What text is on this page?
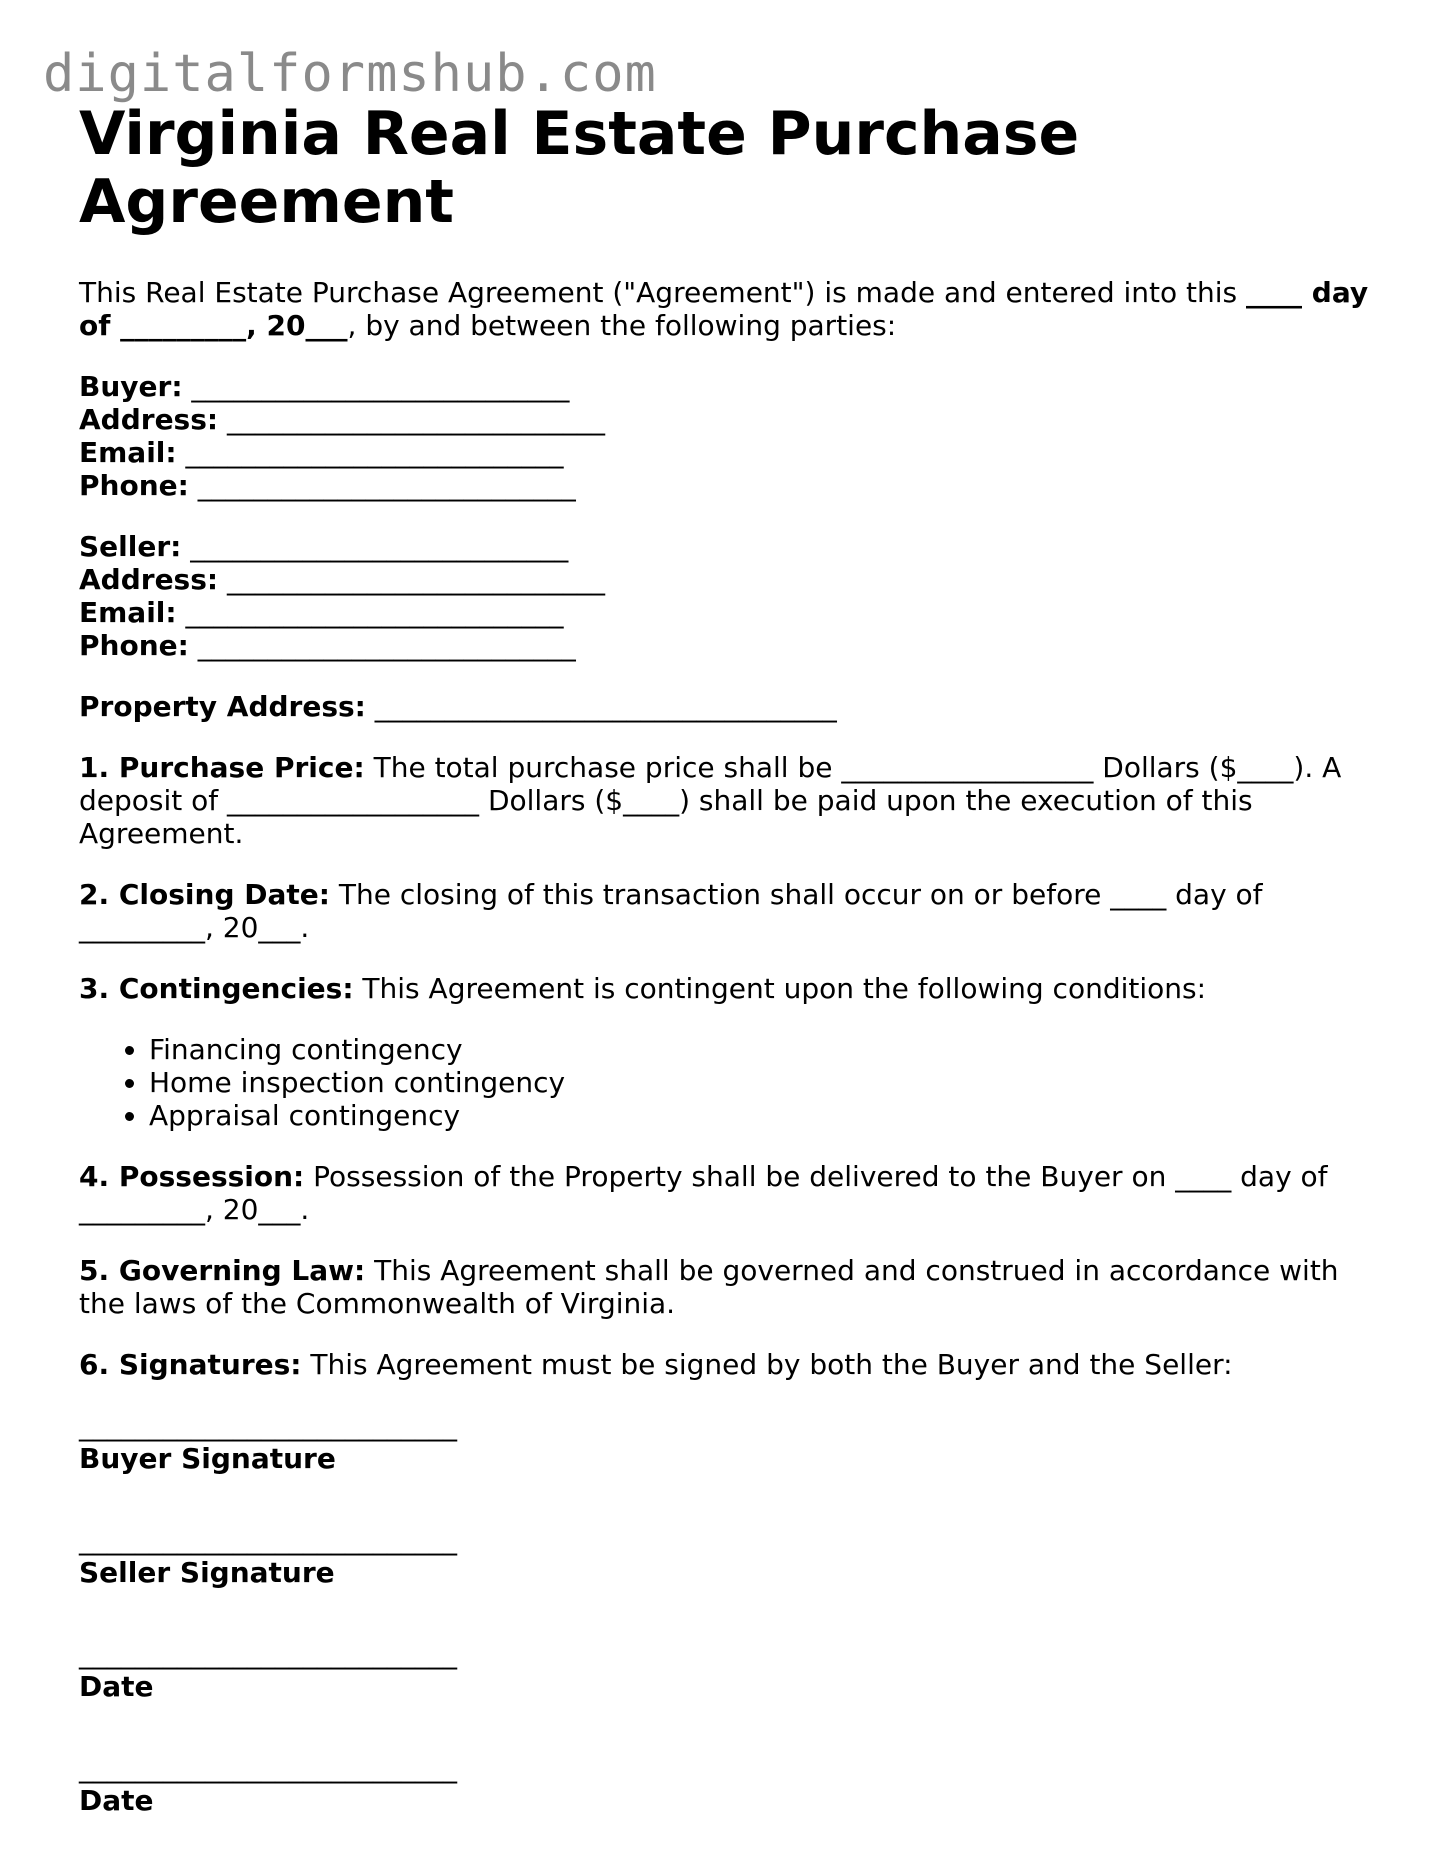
digitalformshub.com
Virginia Real Estate Purchase Agreement

This Real Estate Purchase Agreement ("Agreement") is made and entered into this ____ day of _________, 20___, by and between the following parties:

Buyer: ___________________________

Address: ___________________________

Email: ___________________________

Phone: ___________________________

Seller: ___________________________

Address: ___________________________

Email: ___________________________

Phone: ___________________________

Property Address: _________________________________

1. Purchase Price: The total purchase price shall be __________________ Dollars ($____). A deposit of __________________ Dollars ($____) shall be paid upon the execution of this Agreement.

2. Closing Date: The closing of this transaction shall occur on or before ____ day of _________, 20___.

3. Contingencies: This Agreement is contingent upon the following conditions:

• Financing contingency
• Home inspection contingency
• Appraisal contingency

4. Possession: Possession of the Property shall be delivered to the Buyer on ____ day of _________, 20___.

5. Governing Law: This Agreement shall be governed and construed in accordance with the laws of the Commonwealth of Virginia.

6. Signatures: This Agreement must be signed by both the Buyer and the Seller:

___________________________

Buyer Signature

___________________________

Seller Signature

___________________________

Date

___________________________

Date
